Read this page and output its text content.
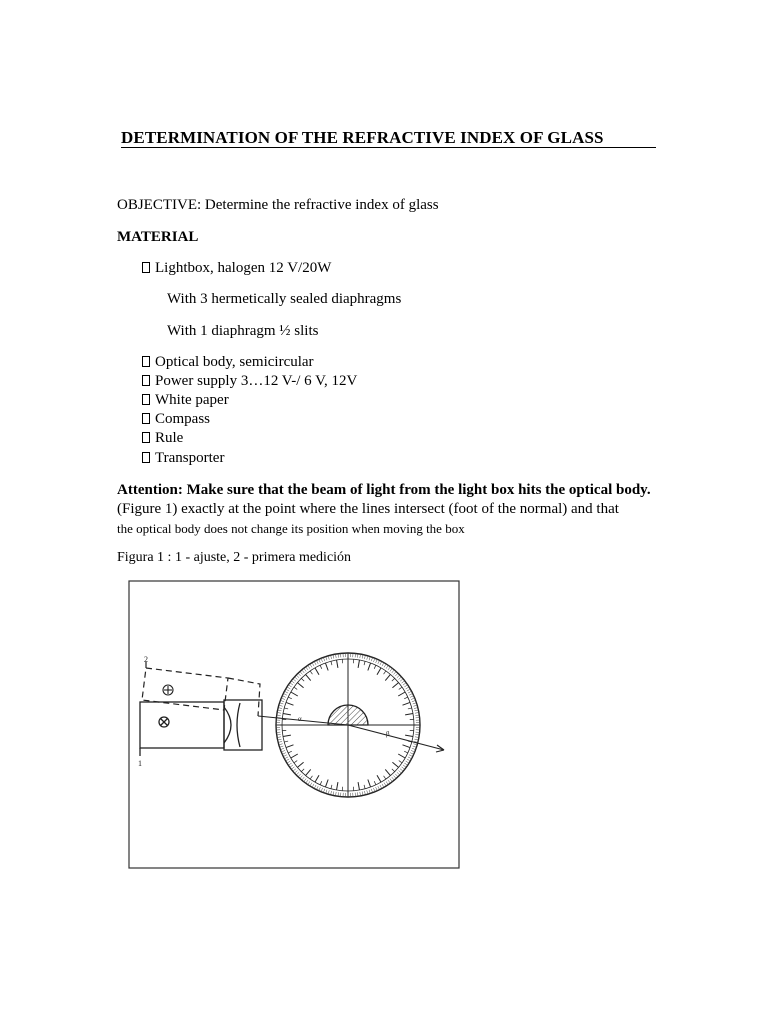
DETERMINATION OF THE REFRACTIVE INDEX OF GLASS
OBJECTIVE: Determine the refractive index of glass
MATERIAL
Lightbox, halogen 12 V/20W
With 3 hermetically sealed diaphragms
With 1 diaphragm ½ slits
Optical body, semicircular
Power supply 3…12 V-/ 6 V, 12V
White paper
Compass
Rule
Transporter
Attention: Make sure that the beam of light from the light box hits the optical body.
(Figure 1) exactly at the point where the lines intersect (foot of the normal) and that
the optical body does not change its position when moving the box
Figura 1 : 1 - ajuste, 2 - primera medición
2
1
α
β
